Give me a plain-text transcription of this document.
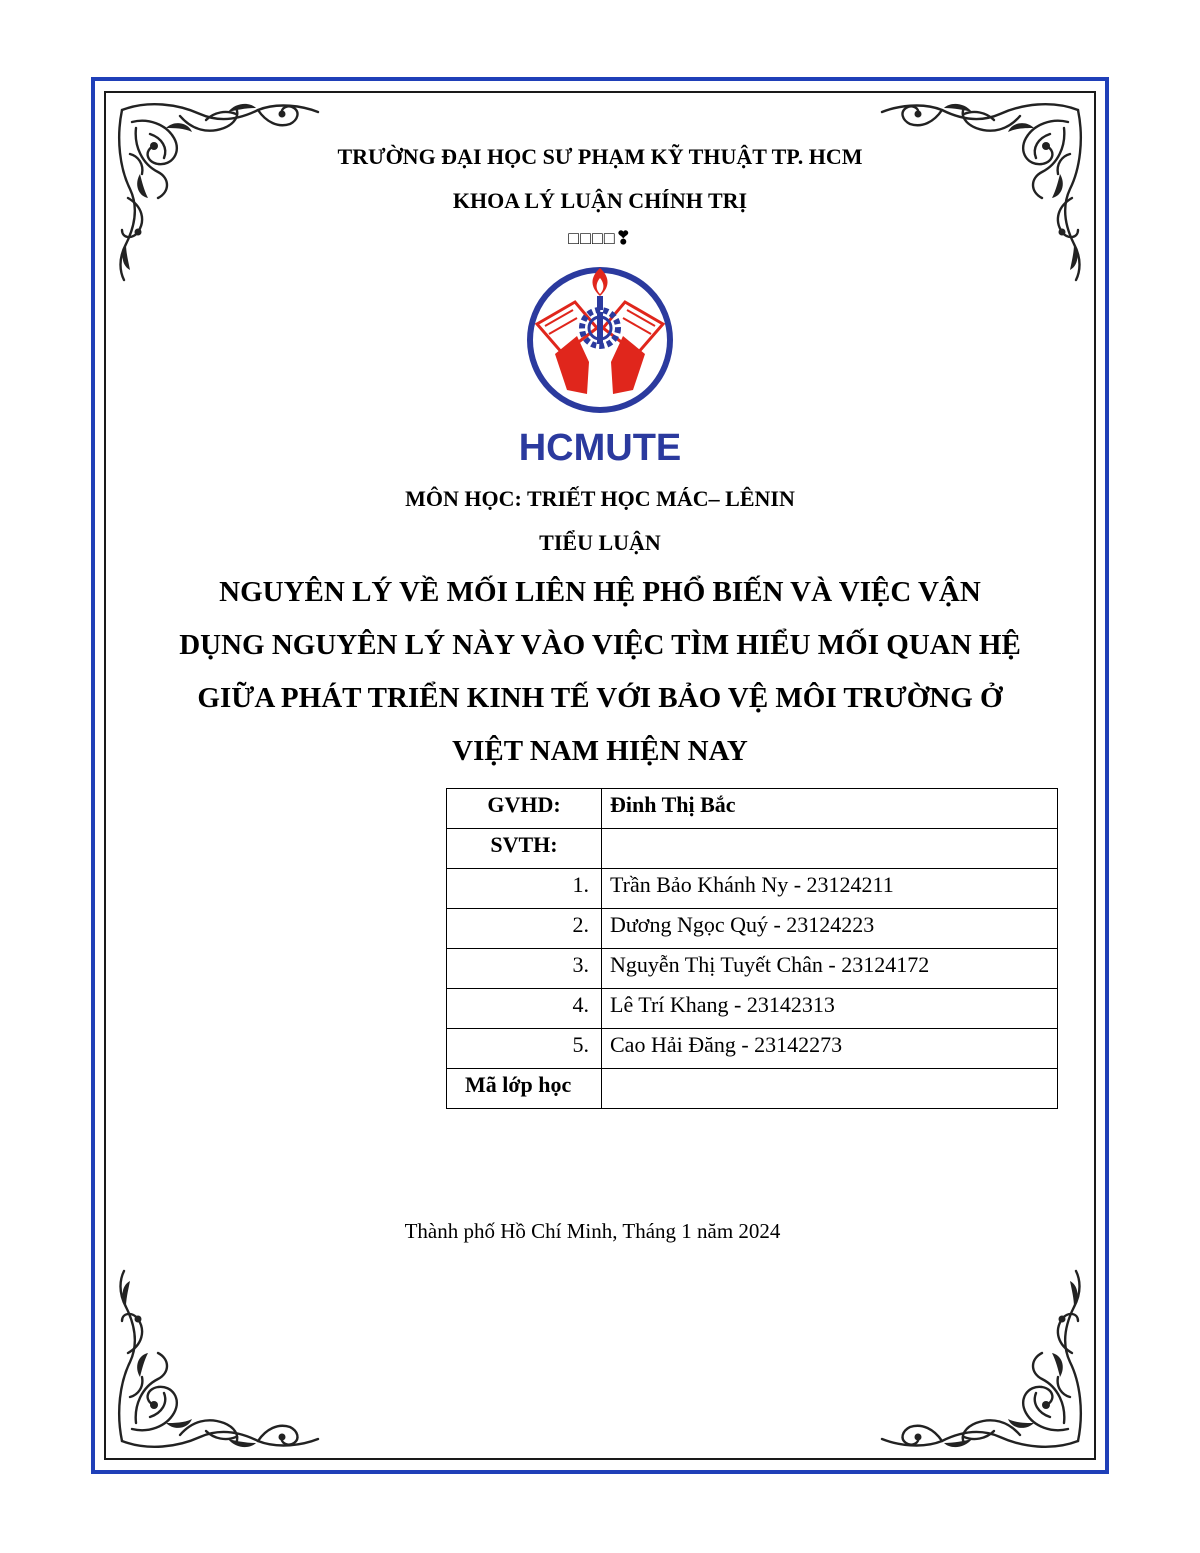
TRƯỜNG ĐẠI HỌC SƯ PHẠM KỸ THUẬT TP. HCM
KHOA LÝ LUẬN CHÍNH TRỊ
□□□□❣
HCMUTE
MÔN HỌC: TRIẾT HỌC MÁC– LÊNIN
TIỂU LUẬN
NGUYÊN LÝ VỀ MỐI LIÊN HỆ PHỔ BIẾN VÀ VIỆC VẬN
DỤNG NGUYÊN LÝ NÀY VÀO VIỆC TÌM HIỂU MỐI QUAN HỆ
GIỮA PHÁT TRIỂN KINH TẾ VỚI BẢO VỆ MÔI TRƯỜNG Ở
VIỆT NAM HIỆN NAY
GVHD:	Đinh Thị Bắc
SVTH:	
1.	Trần Bảo Khánh Ny - 23124211
2.	Dương Ngọc Quý - 23124223
3.	Nguyễn Thị Tuyết Chân - 23124172
4.	Lê Trí Khang - 23142313
5.	Cao Hải Đăng - 23142273
Mã lớp học	
Thành phố Hồ Chí Minh, Tháng 1 năm 2024
